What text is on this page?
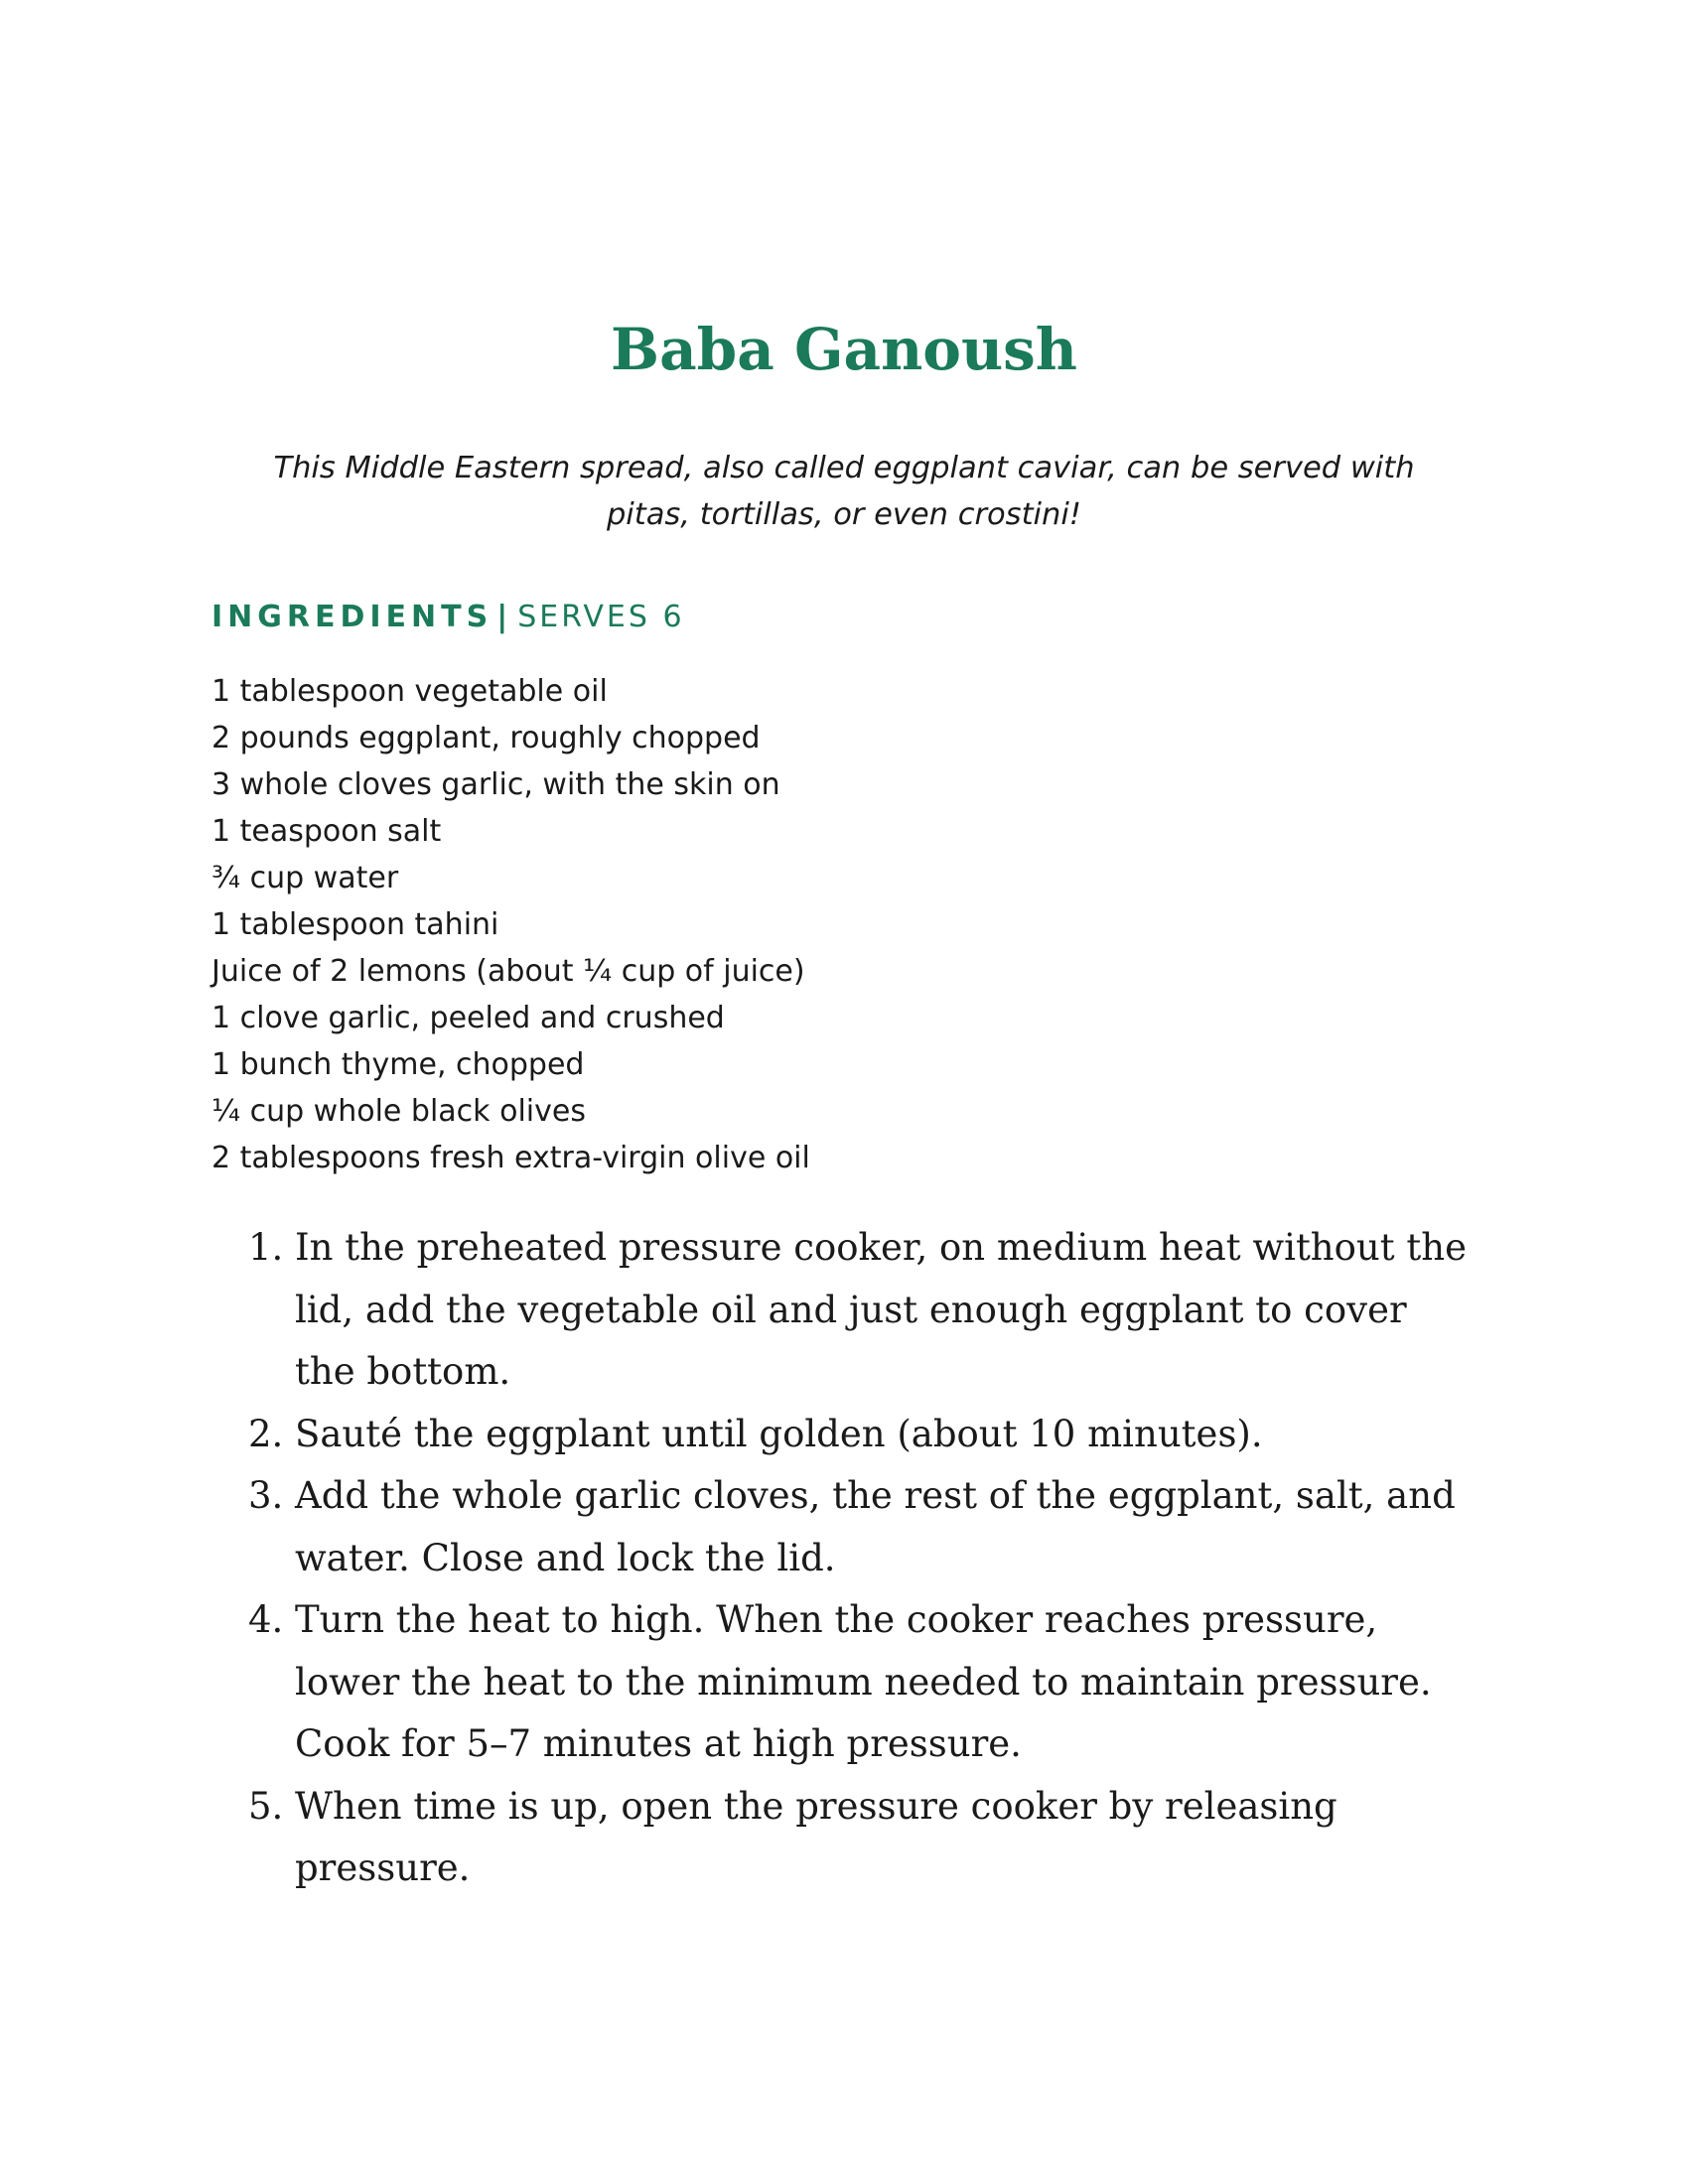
Baba Ganoush

This Middle Eastern spread, also called eggplant caviar, can be served with pitas, tortillas, or even crostini!

INGREDIENTS | SERVES 6
1 tablespoon vegetable oil
2 pounds eggplant, roughly chopped
3 whole cloves garlic, with the skin on
1 teaspoon salt
³⁄₄ cup water
1 tablespoon tahini
Juice of 2 lemons (about ¹⁄₄ cup of juice)
1 clove garlic, peeled and crushed
1 bunch thyme, chopped
¹⁄₄ cup whole black olives
2 tablespoons fresh extra-virgin olive oil
1. In the preheated pressure cooker, on medium heat without the lid, add the vegetable oil and just enough eggplant to cover the bottom.
2. Sauté the eggplant until golden (about 10 minutes).
3. Add the whole garlic cloves, the rest of the eggplant, salt, and water. Close and lock the lid.
4. Turn the heat to high. When the cooker reaches pressure, lower the heat to the minimum needed to maintain pressure. Cook for 5–7 minutes at high pressure.
5. When time is up, open the pressure cooker by releasing pressure.
